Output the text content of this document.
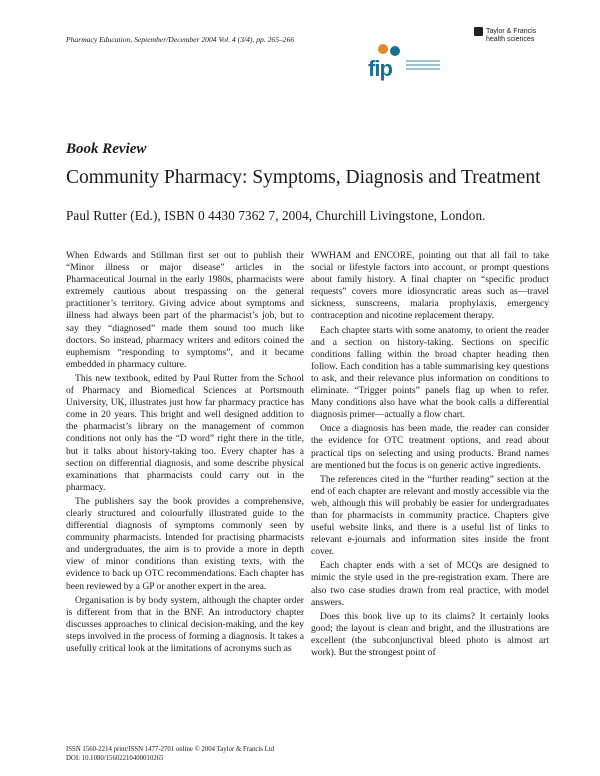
Pharmacy Education, September/December 2004 Vol. 4 (3/4), pp. 265–266
Taylor & Francis
health sciences
fip
Book Review
Community Pharmacy: Symptoms, Diagnosis and Treatment
Paul Rutter (Ed.), ISBN 0 4430 7362 7, 2004, Churchill Livingstone, London.

When Edwards and Stillman first set out to publish their “Minor illness or major disease” articles in the Pharmaceutical Journal in the early 1980s, pharmacists were extremely cautious about trespassing on the general practitioner’s territory. Giving advice about symptoms and illness had always been part of the pharmacist’s job, but to say they “diagnosed” made them sound too much like doctors. So instead, pharmacy writers and editors coined the euphemism “responding to symptoms”, and it became embedded in pharmacy culture.

This new textbook, edited by Paul Rutter from the School of Pharmacy and Biomedical Sciences at Portsmouth University, UK, illustrates just how far pharmacy practice has come in 20 years. This bright and well designed addition to the pharmacist’s library on the management of common conditions not only has the “D word” right there in the title, but it talks about history-taking too. Every chapter has a section on differential diagnosis, and some describe physical examinations that pharmacists could carry out in the pharmacy.

The publishers say the book provides a comprehensive, clearly structured and colourfully illustrated guide to the differential diagnosis of symptoms commonly seen by community pharmacists. Intended for practising pharmacists and undergraduates, the aim is to provide a more in depth view of minor conditions than existing texts, with the evidence to back up OTC recommendations. Each chapter has been reviewed by a GP or another expert in the area.

Organisation is by body system, although the chapter order is different from that in the BNF. An introductory chapter discusses approaches to clinical decision-making, and the key steps involved in the process of forming a diagnosis. It takes a usefully critical look at the limitations of acronyms such as

WWHAM and ENCORE, pointing out that all fail to take social or lifestyle factors into account, or prompt questions about family history. A final chapter on “specific product requests” covers more idiosyncratic areas such as—travel sickness, sunscreens, malaria prophylaxis, emergency contraception and nicotine replacement therapy.

Each chapter starts with some anatomy, to orient the reader and a section on history-taking. Sections on specific conditions falling within the broad chapter heading then follow. Each condition has a table summarising key questions to ask, and their relevance plus information on conditions to eliminate. “Trigger points” panels flag up when to refer. Many conditions also have what the book calls a differential diagnosis primer—actually a flow chart.

Once a diagnosis has been made, the reader can consider the evidence for OTC treatment options, and read about practical tips on selecting and using products. Brand names are mentioned but the focus is on generic active ingredients.

The references cited in the “further reading” section at the end of each chapter are relevant and mostly accessible via the web, although this will probably be easier for undergraduates than for pharmacists in community practice. Chapters give useful website links, and there is a useful list of links to relevant e-journals and information sites inside the front cover.

Each chapter ends with a set of MCQs are designed to mimic the style used in the pre-registration exam. There are also two case studies drawn from real practice, with model answers.

Does this book live up to its claims? It certainly looks good; the layout is clean and bright, and the illustrations are excellent (the subconjunctival bleed photo is almost art work). But the strongest point of

ISSN 1560-2214 print/ISSN 1477-2701 online © 2004 Taylor & Francis Ltd
DOI: 10.1080/15602210400010265
